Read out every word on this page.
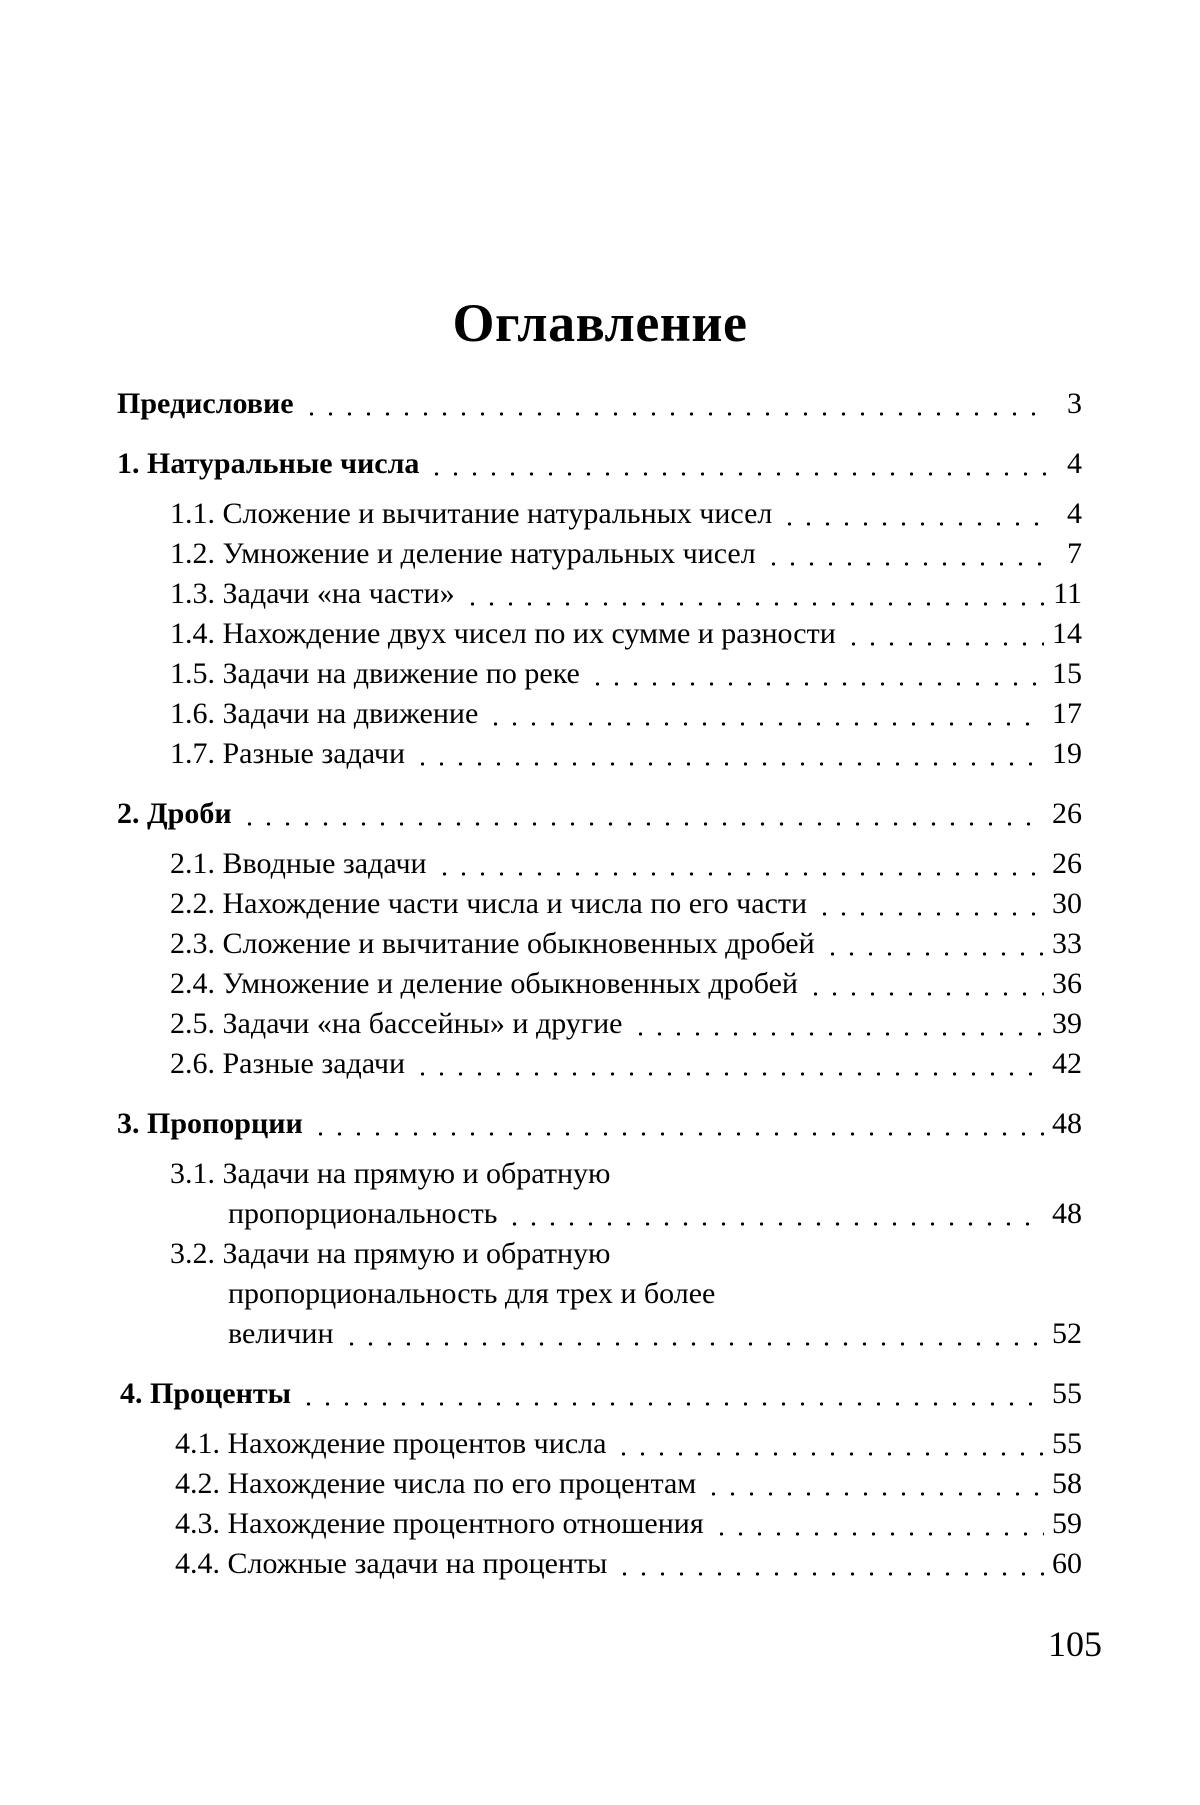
Оглавление
Предисловие	3
1. Натуральные числа	4
1.1. Сложение и вычитание натуральных чисел	4
1.2. Умножение и деление натуральных чисел	7
1.3. Задачи «на части»	11
1.4. Нахождение двух чисел по их сумме и разности	14
1.5. Задачи на движение по реке	15
1.6. Задачи на движение	17
1.7. Разные задачи	19
2. Дроби	26
2.1. Вводные задачи	26
2.2. Нахождение части числа и числа по его части	30
2.3. Сложение и вычитание обыкновенных дробей	33
2.4. Умножение и деление обыкновенных дробей	36
2.5. Задачи «на бассейны» и другие	39
2.6. Разные задачи	42
3. Пропорции	48
3.1. Задачи на прямую и обратную
пропорциональность	48
3.2. Задачи на прямую и обратную
пропорциональность для трех и более
величин	52
4. Проценты	55
4.1. Нахождение процентов числа	55
4.2. Нахождение числа по его процентам	58
4.3. Нахождение процентного отношения	59
4.4. Сложные задачи на проценты	60
105
